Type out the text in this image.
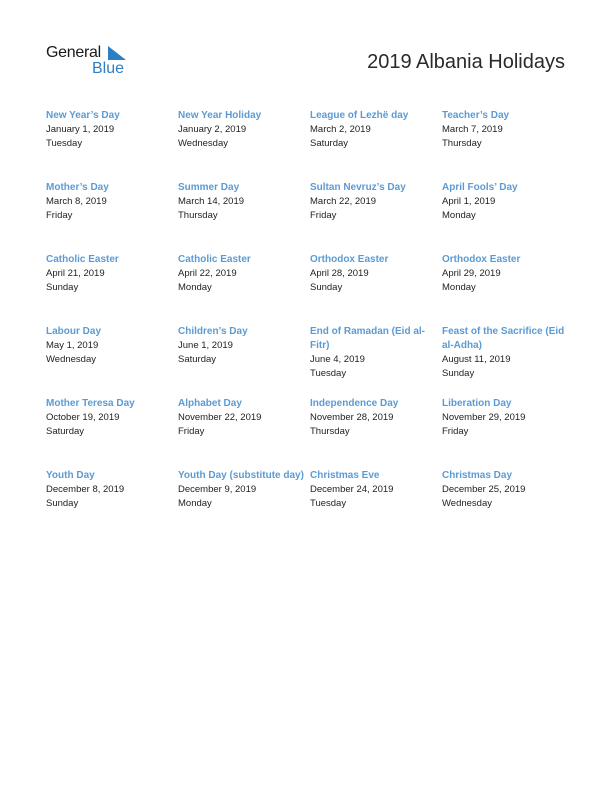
General
Blue	2019 Albania Holidays
New Year’s Day
January 1, 2019
Tuesday
New Year Holiday
January 2, 2019
Wednesday
League of Lezhë day
March 2, 2019
Saturday
Teacher’s Day
March 7, 2019
Thursday
Mother’s Day
March 8, 2019
Friday
Summer Day
March 14, 2019
Thursday
Sultan Nevruz’s Day
March 22, 2019
Friday
April Fools’ Day
April 1, 2019
Monday
Catholic Easter
April 21, 2019
Sunday
Catholic Easter
April 22, 2019
Monday
Orthodox Easter
April 28, 2019
Sunday
Orthodox Easter
April 29, 2019
Monday
Labour Day
May 1, 2019
Wednesday
Children’s Day
June 1, 2019
Saturday
End of Ramadan (Eid al-Fitr)
June 4, 2019
Tuesday
Feast of the Sacrifice (Eid al-Adha)
August 11, 2019
Sunday
Mother Teresa Day
October 19, 2019
Saturday
Alphabet Day
November 22, 2019
Friday
Independence Day
November 28, 2019
Thursday
Liberation Day
November 29, 2019
Friday
Youth Day
December 8, 2019
Sunday
Youth Day (substitute day)
December 9, 2019
Monday
Christmas Eve
December 24, 2019
Tuesday
Christmas Day
December 25, 2019
Wednesday
